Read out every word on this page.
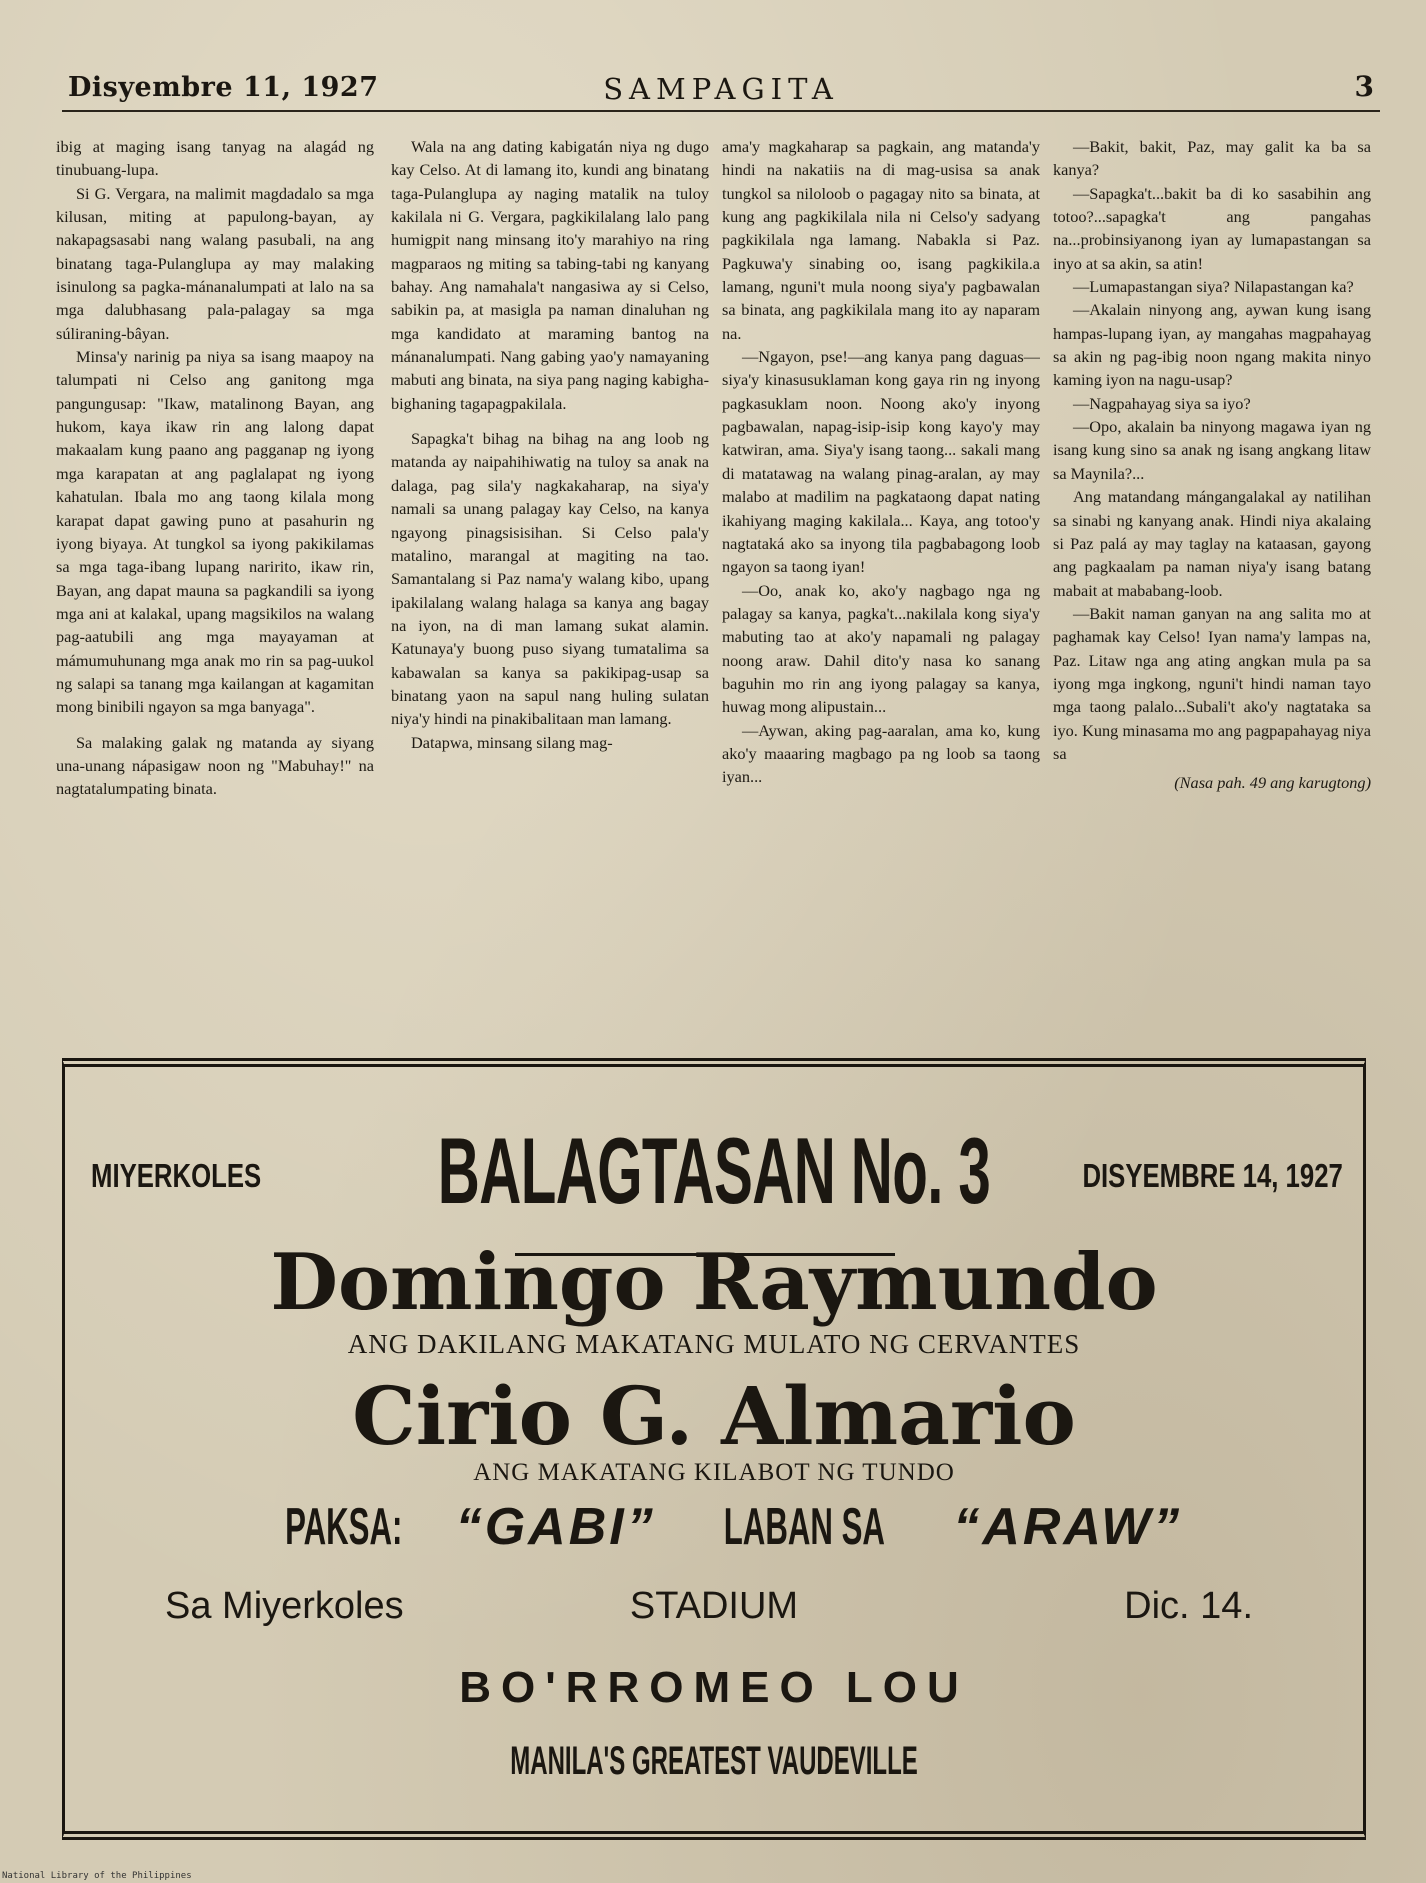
Disyembre 11, 1927	SAMPAGITA	3

ibig at maging isang tanyag na alagád ng tinubuang-lupa.

Si G. Vergara, na malimit magdadalo sa mga kilusan, miting at papulong-bayan, ay nakapagsasabi nang walang pasubali, na ang binatang taga-Pulanglupa ay may malaking isinulong sa pagka-mánanalumpati at lalo na sa mga dalubhasang pala-palagay sa mga súliraning-bâyan.

Minsa'y narinig pa niya sa isang maapoy na talumpati ni Celso ang ganitong mga pangungusap: "Ikaw, matalinong Bayan, ang hukom, kaya ikaw rin ang lalong dapat makaalam kung paano ang pagganap ng iyong mga karapatan at ang paglalapat ng iyong kahatulan. Ibala mo ang taong kilala mong karapat dapat gawing puno at pasahurin ng iyong biyaya. At tungkol sa iyong pakikilamas sa mga taga-ibang lupang naririto, ikaw rin, Bayan, ang dapat mauna sa pagkandili sa iyong mga ani at kalakal, upang magsikilos na walang pag-aatubili ang mga mayayaman at mámumuhunang mga anak mo rin sa pag-uukol ng salapi sa tanang mga kailangan at kagamitan mong binibili ngayon sa mga banyaga".

Sa malaking galak ng matanda ay siyang una-unang nápasigaw noon ng "Mabuhay!" na nagtatalumpating binata.

Wala na ang dating kabigatán niya ng dugo kay Celso. At di lamang ito, kundi ang binatang taga-Pulanglupa ay naging matalik na tuloy kakilala ni G. Vergara, pagkikilalang lalo pang humigpit nang minsang ito'y marahiyo na ring magparaos ng miting sa tabing-tabi ng kanyang bahay. Ang namahala't nangasiwa ay si Celso, sabikin pa, at masigla pa naman dinaluhan ng mga kandidato at maraming bantog na mánanalumpati. Nang gabing yao'y namayaning mabuti ang binata, na siya pang naging kabigha-bighaning tagapagpakilala.

Sapagka't bihag na bihag na ang loob ng matanda ay naipahihiwatig na tuloy sa anak na dalaga, pag sila'y nagkakaharap, na siya'y namali sa unang palagay kay Celso, na kanya ngayong pinagsisisihan. Si Celso pala'y matalino, marangal at magiting na tao. Samantalang si Paz nama'y walang kibo, upang ipakilalang walang halaga sa kanya ang bagay na iyon, na di man lamang sukat alamin. Katunaya'y buong puso siyang tumatalima sa kabawalan sa kanya sa pakikipag-usap sa binatang yaon na sapul nang huling sulatan niya'y hindi na pinakibalitaan man lamang.

Datapwa, minsang silang mag-

ama'y magkaharap sa pagkain, ang matanda'y hindi na nakatiis na di mag-usisa sa anak tungkol sa niloloob o pagagay nito sa binata, at kung ang pagkikilala nila ni Celso'y sadyang pagkikilala nga lamang. Nabakla si Paz. Pagkuwa'y sinabing oo, isang pagkikila.a lamang, nguni't mula noong siya'y pagbawalan sa binata, ang pagkikilala mang ito ay naparam na.

—Ngayon, pse!—ang kanya pang daguas—siya'y kinasusuklaman kong gaya rin ng inyong pagkasuklam noon. Noong ako'y inyong pagbawalan, napag-isip-isip kong kayo'y may katwiran, ama. Siya'y isang taong... sakali mang di matatawag na walang pinag-aralan, ay may malabo at madilim na pagkataong dapat nating ikahiyang maging kakilala... Kaya, ang totoo'y nagtataká ako sa inyong tila pagbabagong loob ngayon sa taong iyan!

—Oo, anak ko, ako'y nagbago nga ng palagay sa kanya, pagka't...nakilala kong siya'y mabuting tao at ako'y napamali ng palagay noong araw. Dahil dito'y nasa ko sanang baguhin mo rin ang iyong palagay sa kanya, huwag mong alipustain...

—Aywan, aking pag-aaralan, ama ko, kung ako'y maaaring magbago pa ng loob sa taong iyan...

—Bakit, bakit, Paz, may galit ka ba sa kanya?

—Sapagka't...bakit ba di ko sasabihin ang totoo?...sapagka't ang pangahas na...probinsiyanong iyan ay lumapastangan sa inyo at sa akin, sa atin!

—Lumapastangan siya? Nilapastangan ka?

—Akalain ninyong ang, aywan kung isang hampas-lupang iyan, ay mangahas magpahayag sa akin ng pag-ibig noon ngang makita ninyo kaming iyon na nagu-usap?

—Nagpahayag siya sa iyo?

—Opo, akalain ba ninyong magawa iyan ng isang kung sino sa anak ng isang angkang litaw sa Maynila?...

Ang matandang mángangalakal ay natilihan sa sinabi ng kanyang anak. Hindi niya akalaing si Paz palá ay may taglay na kataasan, gayong ang pagkaalam pa naman niya'y isang batang mabait at mababang-loob.

—Bakit naman ganyan na ang salita mo at paghamak kay Celso! Iyan nama'y lampas na, Paz. Litaw nga ang ating angkan mula pa sa iyong mga ingkong, nguni't hindi naman tayo mga taong palalo...Subali't ako'y nagtataka sa iyo. Kung minasama mo ang pagpapahayag niya sa

(Nasa pah. 49 ang karugtong)

MIYERKOLES	BALAGTASAN No. 3	DISYEMBRE 14, 1927
Domingo Raymundo
ANG DAKILANG MAKATANG MULATO NG CERVANTES
Cirio G. Almario
ANG MAKATANG KILABOT NG TUNDO
PAKSA: “GABI” LABAN SA “ARAW”
STADIUM
Sa Miyerkoles	Dic. 14.
BO'RROMEO LOU
MANILA'S GREATEST VAUDEVILLE
National Library of the Philippines
